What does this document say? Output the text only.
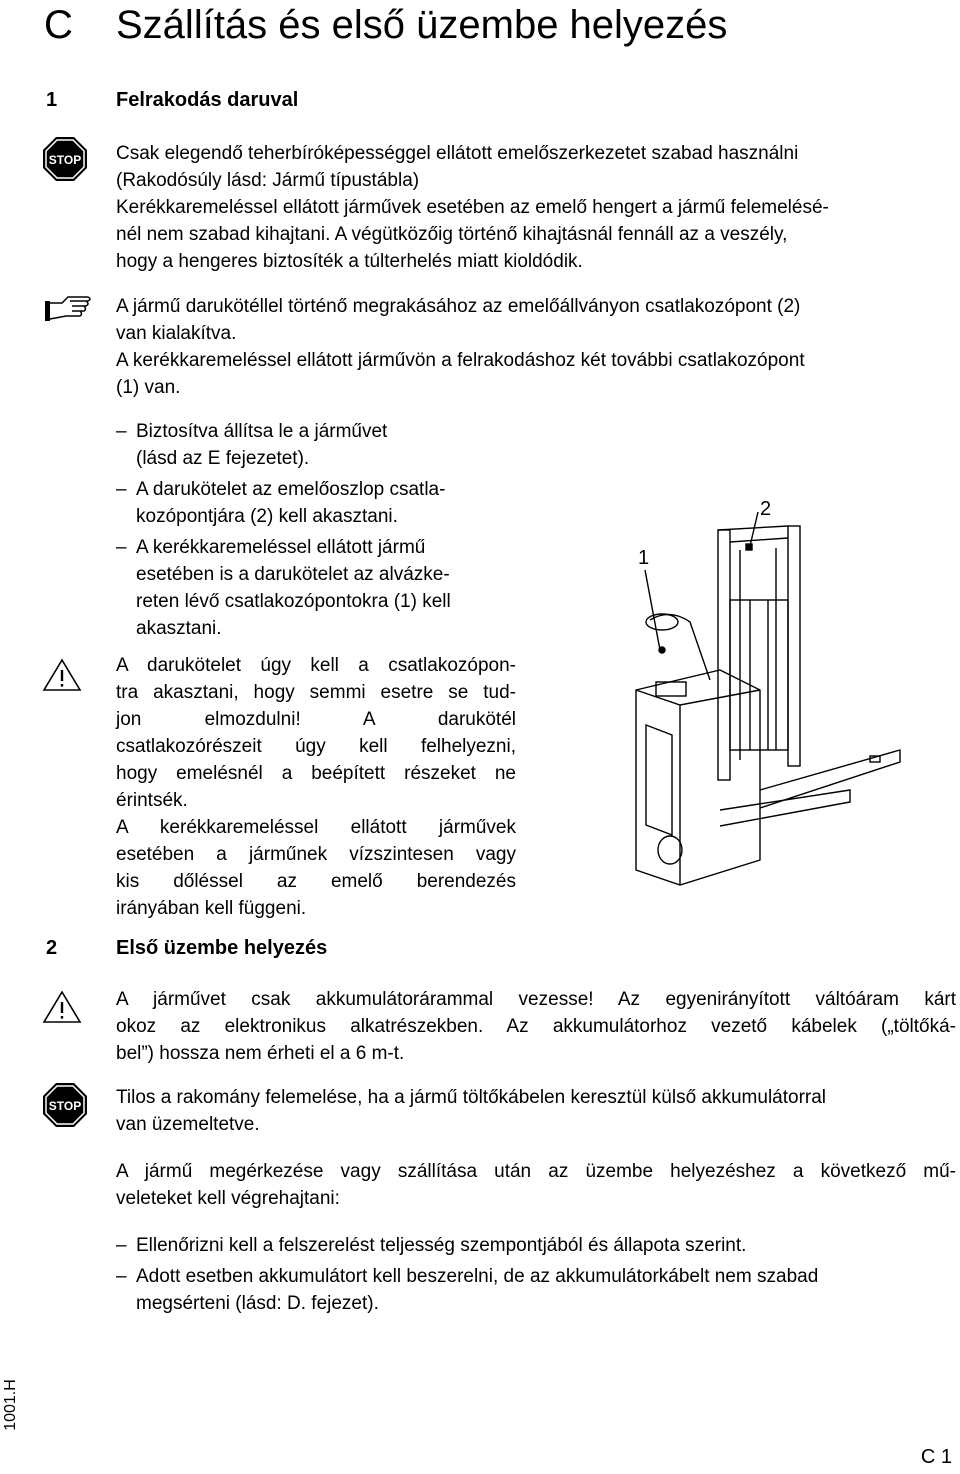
C Szállítás és első üzembe helyezés
1	Felrakodás daruval
STOP Csak elegendő teherbíróképességgel ellátott emelőszerkezetet szabad használni
(Rakodósúly lásd: Jármű típustábla)
Kerékkaremeléssel ellátott járművek esetében az emelő hengert a jármű felemelésé-
nél nem szabad kihajtani. A végütközőig történő kihajtásnál fennáll az a veszély,
hogy a hengeres biztosíték a túlterhelés miatt kioldódik.
A jármű darukötéllel történő megrakásához az emelőállványon csatlakozópont (2)
van kialakítva.
A kerékkaremeléssel ellátott járművön a felrakodáshoz két további csatlakozópont
(1) van.
– Biztosítva állítsa le a járművet
(lásd az E fejezetet).
– A darukötelet az emelőoszlop csatla-
kozópontjára (2) kell akasztani.
– A kerékkaremeléssel ellátott jármű
esetében is a darukötelet az alvázke-
reten lévő csatlakozópontokra (1) kell
akasztani.
A darukötelet úgy kell a csatlakozópon-
tra akasztani, hogy semmi esetre se tud-
jon elmozdulni! A darukötél
csatlakozórészeit úgy kell felhelyezni,
hogy emelésnél a beépített részeket ne
érintsék.
A kerékkaremeléssel ellátott járművek
esetében a járműnek vízszintesen vagy
kis dőléssel az emelő berendezés
irányában kell függeni.
2
1
2	Első üzembe helyezés
A járművet csak akkumulátorárammal vezesse! Az egyenirányított váltóáram kárt
okoz az elektronikus alkatrészekben. Az akkumulátorhoz vezető kábelek („töltőká-
bel”) hossza nem érheti el a 6 m-t.
STOP Tilos a rakomány felemelése, ha a jármű töltőkábelen keresztül külső akkumulátorral
van üzemeltetve.
A jármű megérkezése vagy szállítása után az üzembe helyezéshez a következő mű-
veleteket kell végrehajtani:
– Ellenőrizni kell a felszerelést teljesség szempontjából és állapota szerint.
– Adott esetben akkumulátort kell beszerelni, de az akkumulátorkábelt nem szabad
megsérteni (lásd: D. fejezet).
1001.H
C 1
